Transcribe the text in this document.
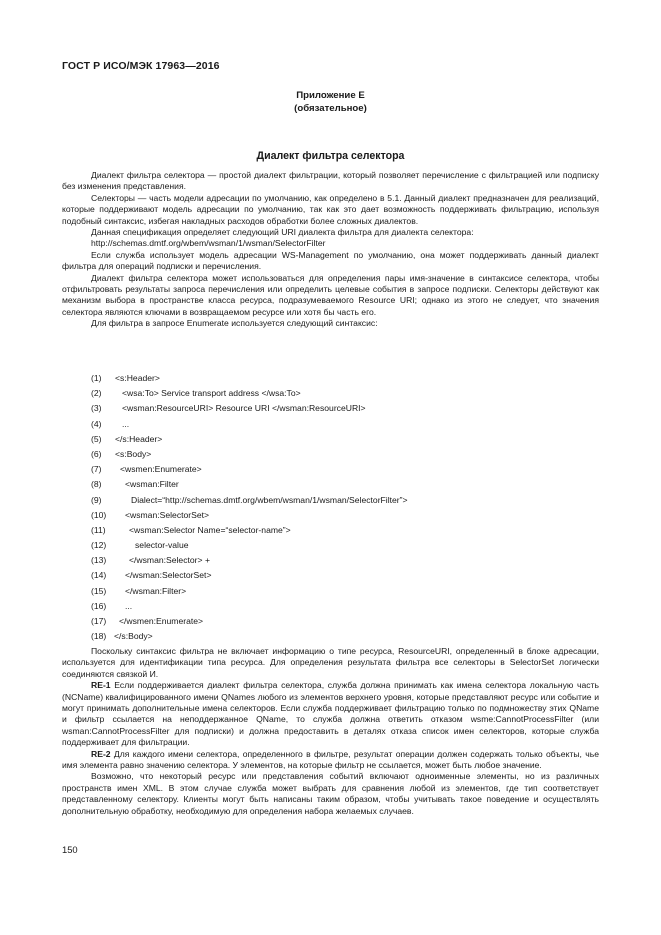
ГОСТ Р ИСО/МЭК 17963—2016
Приложение Е
(обязательное)
Диалект фильтра селектора

Диалект фильтра селектора — простой диалект фильтрации, который позволяет перечисление с фильтрацией или подписку без изменения представления.

Селекторы — часть модели адресации по умолчанию, как определено в 5.1. Данный диалект предназначен для реализаций, которые поддерживают модель адресации по умолчанию, так как это дает возможность поддерживать фильтрацию, используя подобный синтаксис, избегая накладных расходов обработки более сложных диалектов.

Данная спецификация определяет следующий URI диалекта фильтра для диалекта селектора:

http://schemas.dmtf.org/wbem/wsman/1/wsman/SelectorFilter

Если служба использует модель адресации WS-Management по умолчанию, она может поддерживать данный диалект фильтра для операций подписки и перечисления.

Диалект фильтра селектора может использоваться для определения пары имя-значение в синтаксисе селектора, чтобы отфильтровать результаты запроса перечисления или определить целевые события в запросе подписки. Селекторы действуют как механизм выбора в пространстве класса ресурса, подразумеваемого Resource URI; однако из этого не следует, что значения селектора являются ключами в возвращаемом ресурсе или хотя бы часть его.

Для фильтра в запросе Enumerate используется следующий синтаксис:

(1) <s:Header>
(2) <wsa:To> Service transport address </wsa:To>
(3) <wsman:ResourceURI> Resource URI </wsman:ResourceURI>
(4) ...
(5) </s:Header>
(6) <s:Body>
(7) <wsmen:Enumerate>
(8)	<wsman:Filter
(9)	Dialect=“http://schemas.dmtf.org/wbem/wsman/1/wsman/SelectorFilter”>
(10) <wsman:SelectorSet>
(11)	<wsman:Selector Name=“selector-name”>
(12)	selector-value
(13)	</wsman:Selector> +
(14) </wsman:SelectorSet>
(15) </wsman:Filter>
(16) ...
(17) </wsmen:Enumerate>
(18) </s:Body>

Поскольку синтаксис фильтра не включает информацию о типе ресурса, ResourceURI, определенный в блоке адресации, используется для идентификации типа ресурса. Для определения результата фильтра все селекторы в SelectorSet логически соединяются связкой И.

RE-1 Если поддерживается диалект фильтра селектора, служба должна принимать как имена селектора локальную часть (NCName) квалифицированного имени QNames любого из элементов верхнего уровня, которые представляют ресурс или событие и могут принимать дополнительные имена селекторов. Если служба поддерживает фильтрацию только по подмножеству этих QName и фильтр ссылается на неподдержанное QName, то служба должна ответить отказом wsme:CannotProcessFilter (или wsman:CannotProcessFilter для подписки) и должна предоставить в деталях отказа список имен селекторов, которые служба поддерживает для фильтрации.

RE-2 Для каждого имени селектора, определенного в фильтре, результат операции должен содержать только объекты, чье имя элемента равно значению селектора. У элементов, на которые фильтр не ссылается, может быть любое значение.

Возможно, что некоторый ресурс или представления событий включают одноименные элементы, но из различных пространств имен XML. В этом случае служба может выбрать для сравнения любой из элементов, где тип соответствует представленному селектору. Клиенты могут быть написаны таким образом, чтобы учитывать такое поведение и осуществлять дополнительную обработку, необходимую для определения набора желаемых случаев.

150
